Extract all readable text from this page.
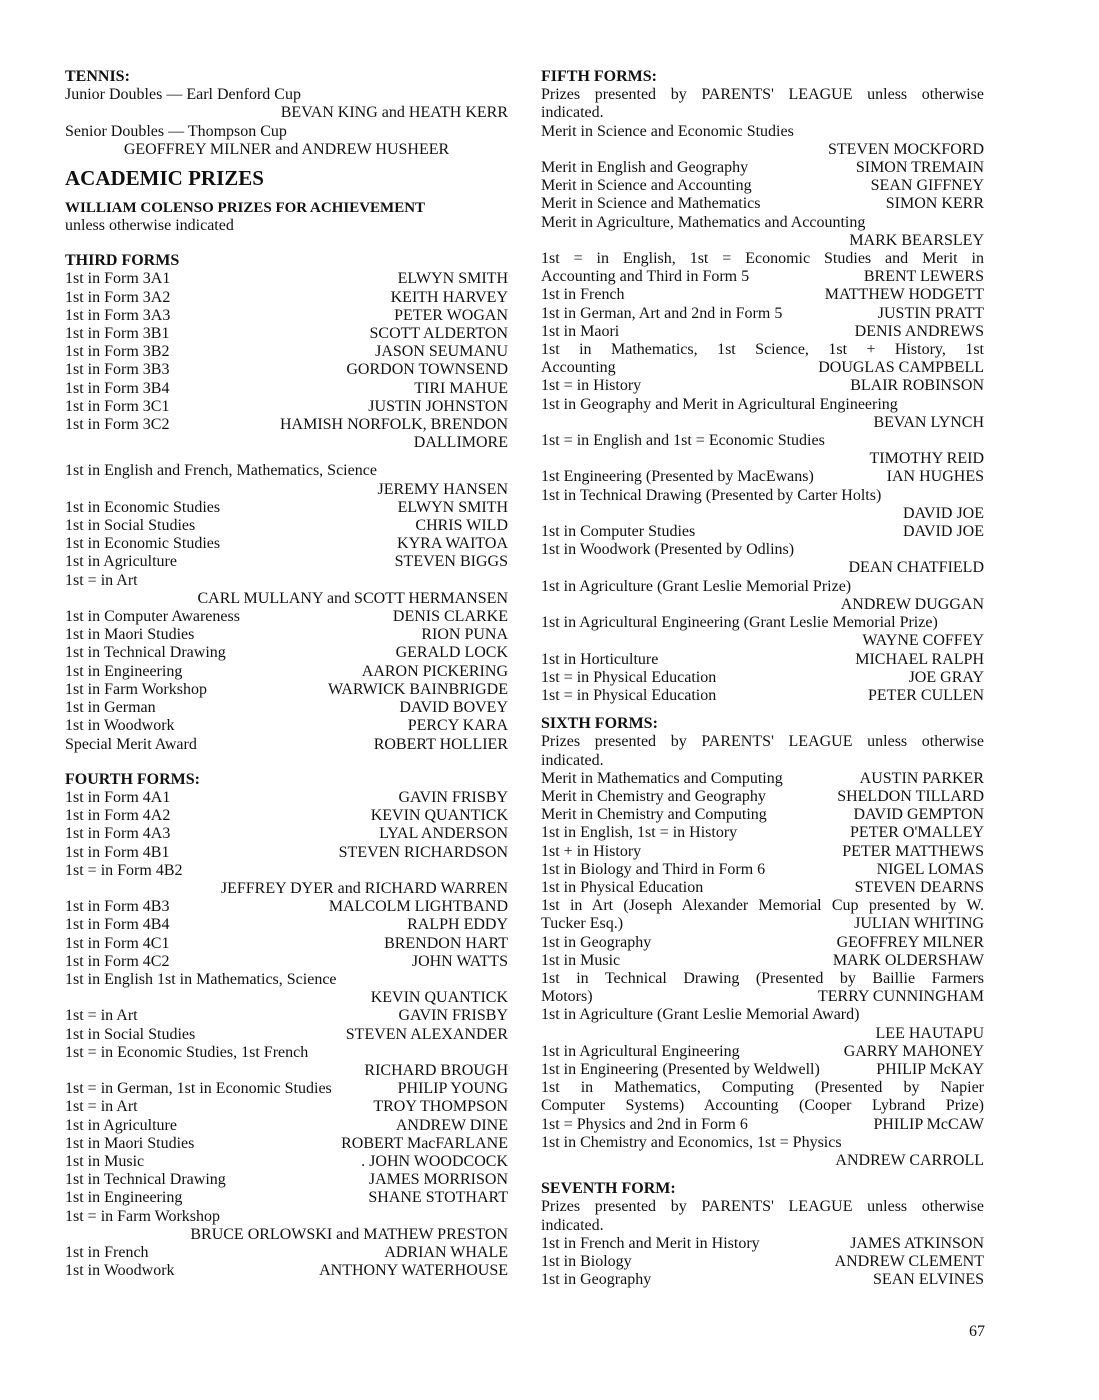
TENNIS:
Junior Doubles — Earl Denford Cup
BEVAN KING and HEATH KERR
Senior Doubles — Thompson Cup
GEOFFREY MILNER and ANDREW HUSHEER
ACADEMIC PRIZES
WILLIAM COLENSO PRIZES FOR ACHIEVEMENT
unless otherwise indicated
THIRD FORMS
1st in Form 3A1	ELWYN SMITH
1st in Form 3A2	KEITH HARVEY
1st in Form 3A3	PETER WOGAN
1st in Form 3B1	SCOTT ALDERTON
1st in Form 3B2	JASON SEUMANU
1st in Form 3B3	GORDON TOWNSEND
1st in Form 3B4	TIRI MAHUE
1st in Form 3C1	JUSTIN JOHNSTON
1st in Form 3C2	HAMISH NORFOLK, BRENDON
DALLIMORE
1st in English and French, Mathematics, Science
JEREMY HANSEN
1st in Economic Studies	ELWYN SMITH
1st in Social Studies	CHRIS WILD
1st in Economic Studies	KYRA WAITOA
1st in Agriculture	STEVEN BIGGS
1st = in Art
CARL MULLANY and SCOTT HERMANSEN
1st in Computer Awareness	DENIS CLARKE
1st in Maori Studies	RION PUNA
1st in Technical Drawing	GERALD LOCK
1st in Engineering	AARON PICKERING
1st in Farm Workshop	WARWICK BAINBRIGDE
1st in German	DAVID BOVEY
1st in Woodwork	PERCY KARA
Special Merit Award	ROBERT HOLLIER
FOURTH FORMS:
1st in Form 4A1	GAVIN FRISBY
1st in Form 4A2	KEVIN QUANTICK
1st in Form 4A3	LYAL ANDERSON
1st in Form 4B1	STEVEN RICHARDSON
1st = in Form 4B2
JEFFREY DYER and RICHARD WARREN
1st in Form 4B3	MALCOLM LIGHTBAND
1st in Form 4B4	RALPH EDDY
1st in Form 4C1	BRENDON HART
1st in Form 4C2	JOHN WATTS
1st in English 1st in Mathematics, Science
KEVIN QUANTICK
1st = in Art	GAVIN FRISBY
1st in Social Studies	STEVEN ALEXANDER
1st = in Economic Studies, 1st French
RICHARD BROUGH
1st = in German, 1st in Economic Studies	PHILIP YOUNG
1st = in Art	TROY THOMPSON
1st in Agriculture	ANDREW DINE
1st in Maori Studies	ROBERT MacFARLANE
1st in Music	. JOHN WOODCOCK
1st in Technical Drawing	JAMES MORRISON
1st in Engineering	SHANE STOTHART
1st = in Farm Workshop
BRUCE ORLOWSKI and MATHEW PRESTON
1st in French	ADRIAN WHALE
1st in Woodwork	ANTHONY WATERHOUSE
FIFTH FORMS:
Prizes presented by PARENTS' LEAGUE unless otherwise indicated.
Merit in Science and Economic Studies
STEVEN MOCKFORD
Merit in English and Geography	SIMON TREMAIN
Merit in Science and Accounting	SEAN GIFFNEY
Merit in Science and Mathematics	SIMON KERR
Merit in Agriculture, Mathematics and Accounting
MARK BEARSLEY
1st = in English, 1st = Economic Studies and Merit in
Accounting and Third in Form 5	BRENT LEWERS
1st in French	MATTHEW HODGETT
1st in German, Art and 2nd in Form 5	JUSTIN PRATT
1st in Maori	DENIS ANDREWS
1st in Mathematics, 1st Science, 1st + History, 1st
Accounting	DOUGLAS CAMPBELL
1st = in History	BLAIR ROBINSON
1st in Geography and Merit in Agricultural Engineering
BEVAN LYNCH
1st = in English and 1st = Economic Studies
TIMOTHY REID
1st Engineering (Presented by MacEwans)	IAN HUGHES
1st in Technical Drawing (Presented by Carter Holts)
DAVID JOE
1st in Computer Studies	DAVID JOE
1st in Woodwork (Presented by Odlins)
DEAN CHATFIELD
1st in Agriculture (Grant Leslie Memorial Prize)
ANDREW DUGGAN
1st in Agricultural Engineering (Grant Leslie Memorial Prize)
WAYNE COFFEY
1st in Horticulture	MICHAEL RALPH
1st = in Physical Education	JOE GRAY
1st = in Physical Education	PETER CULLEN
SIXTH FORMS:
Prizes presented by PARENTS' LEAGUE unless otherwise indicated.
Merit in Mathematics and Computing	AUSTIN PARKER
Merit in Chemistry and Geography	SHELDON TILLARD
Merit in Chemistry and Computing	DAVID GEMPTON
1st in English, 1st = in History	PETER O'MALLEY
1st + in History	PETER MATTHEWS
1st in Biology and Third in Form 6	NIGEL LOMAS
1st in Physical Education	STEVEN DEARNS
1st in Art (Joseph Alexander Memorial Cup presented by W.
Tucker Esq.)	JULIAN WHITING
1st in Geography	GEOFFREY MILNER
1st in Music	MARK OLDERSHAW
1st in Technical Drawing (Presented by Baillie Farmers
Motors)	TERRY CUNNINGHAM
1st in Agriculture (Grant Leslie Memorial Award)
LEE HAUTAPU
1st in Agricultural Engineering	GARRY MAHONEY
1st in Engineering (Presented by Weldwell)	PHILIP McKAY
1st in Mathematics, Computing (Presented by Napier
Computer Systems) Accounting (Cooper Lybrand Prize)
1st = Physics and 2nd in Form 6	PHILIP McCAW
1st in Chemistry and Economics, 1st = Physics
ANDREW CARROLL
SEVENTH FORM:
Prizes presented by PARENTS' LEAGUE unless otherwise indicated.
1st in French and Merit in History	JAMES ATKINSON
1st in Biology	ANDREW CLEMENT
1st in Geography	SEAN ELVINES
67
